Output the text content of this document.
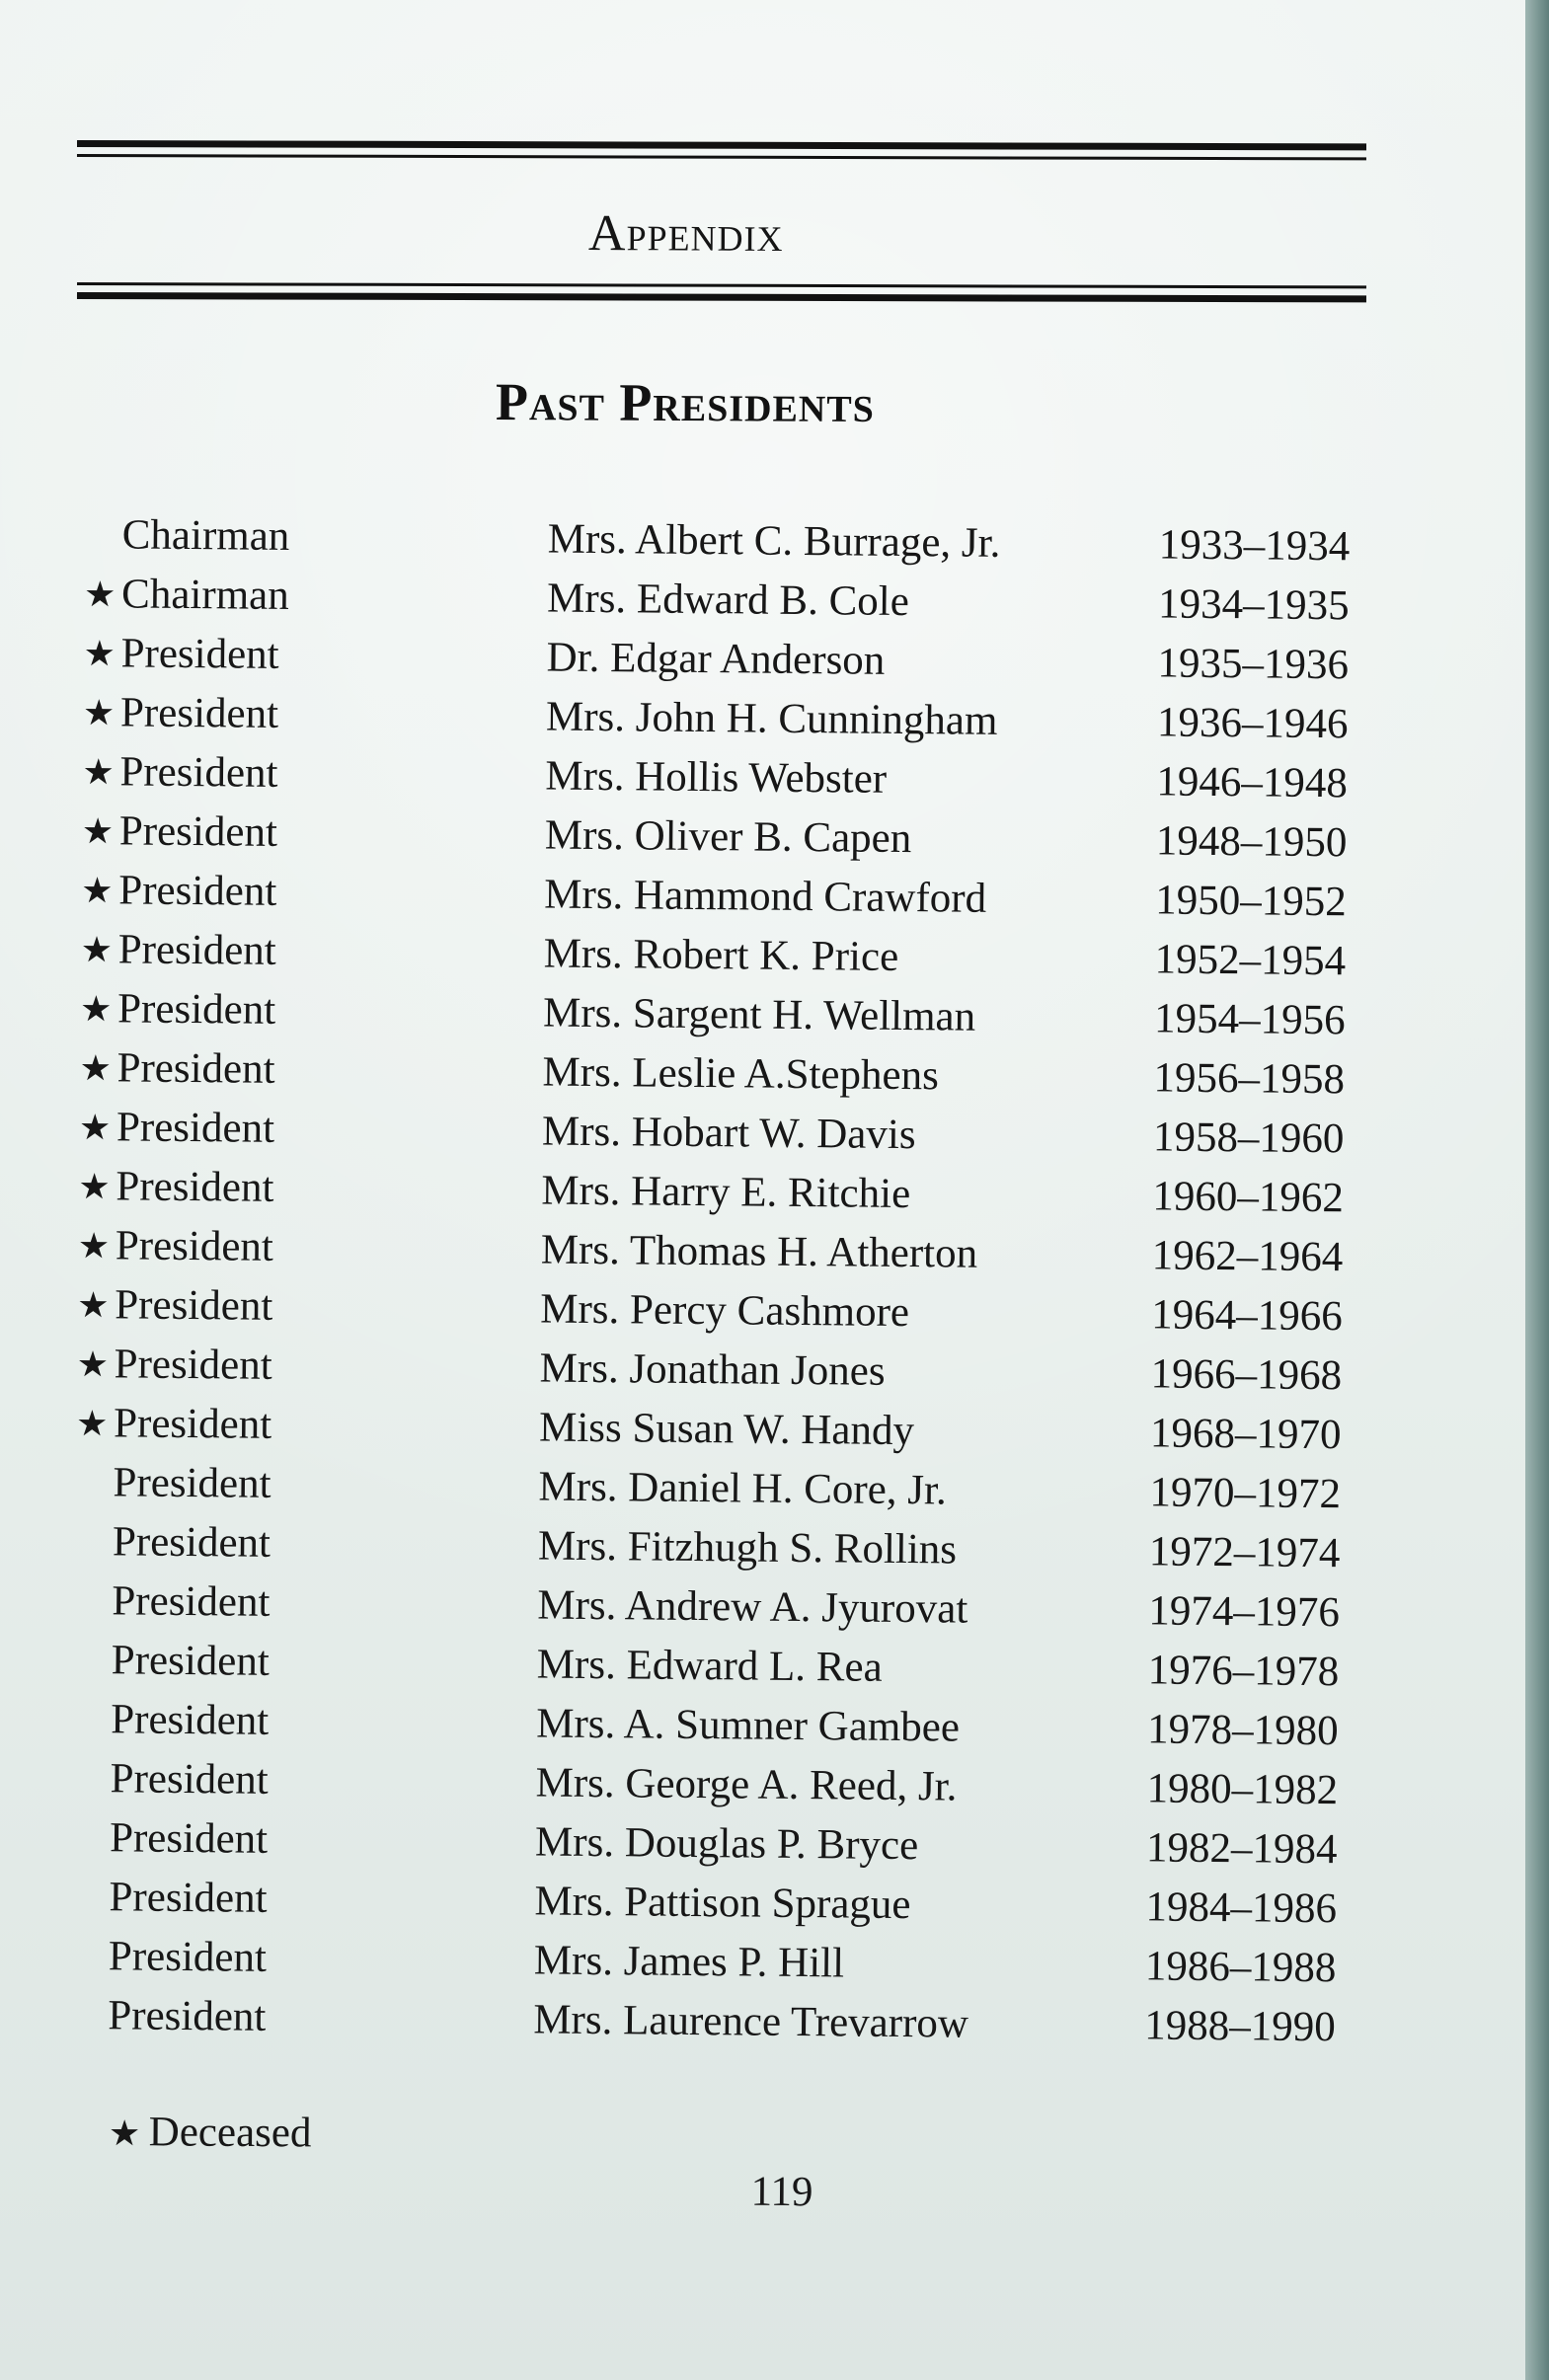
Appendix
Past Presidents
Chairman	Mrs. Albert C. Burrage, Jr.	1933–1934
★ Chairman	Mrs. Edward B. Cole	1934–1935
★ President	Dr. Edgar Anderson	1935–1936
★ President	Mrs. John H. Cunningham	1936–1946
★ President	Mrs. Hollis Webster	1946–1948
★ President	Mrs. Oliver B. Capen	1948–1950
★ President	Mrs. Hammond Crawford	1950–1952
★ President	Mrs. Robert K. Price	1952–1954
★ President	Mrs. Sargent H. Wellman	1954–1956
★ President	Mrs. Leslie A.Stephens	1956–1958
★ President	Mrs. Hobart W. Davis	1958–1960
★ President	Mrs. Harry E. Ritchie	1960–1962
★ President	Mrs. Thomas H. Atherton	1962–1964
★ President	Mrs. Percy Cashmore	1964–1966
★ President	Mrs. Jonathan Jones	1966–1968
★ President	Miss Susan W. Handy	1968–1970
President	Mrs. Daniel H. Core, Jr.	1970–1972
President	Mrs. Fitzhugh S. Rollins	1972–1974
President	Mrs. Andrew A. Jyurovat	1974–1976
President	Mrs. Edward L. Rea	1976–1978
President	Mrs. A. Sumner Gambee	1978–1980
President	Mrs. George A. Reed, Jr.	1980–1982
President	Mrs. Douglas P. Bryce	1982–1984
President	Mrs. Pattison Sprague	1984–1986
President	Mrs. James P. Hill	1986–1988
President	Mrs. Laurence Trevarrow	1988–1990
★ Deceased
119
